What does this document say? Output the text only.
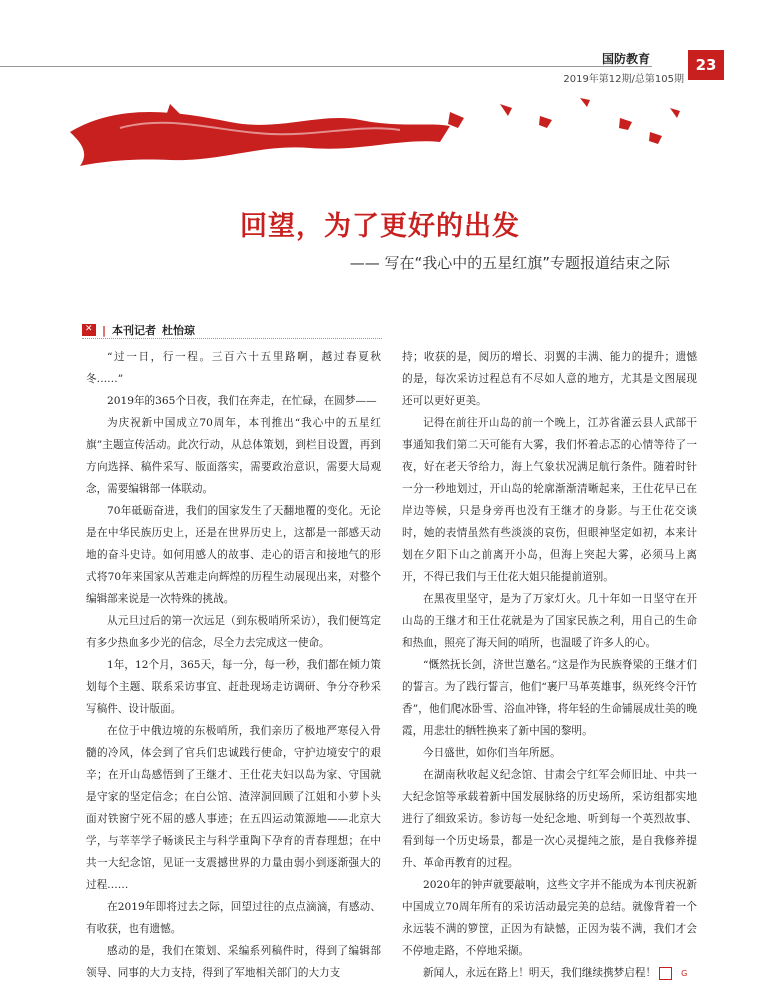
国防教育	23
2019年第12期/总第105期
回望，为了更好的出发
—— 写在“我心中的五星红旗”专题报道结束之际
✕
| 本刊记者 杜怡琼

“过一日，行一程。三百六十五里路啊，越过春夏秋冬……”

2019年的365个日夜，我们在奔走，在忙碌，在圆梦——

为庆祝新中国成立70周年，本刊推出“我心中的五星红旗”主题宣传活动。此次行动，从总体策划，到栏目设置，再到方向选择、稿件采写、版面落实，需要政治意识，需要大局观念，需要编辑部一体联动。

70年砥砺奋进，我们的国家发生了天翻地覆的变化。无论是在中华民族历史上，还是在世界历史上，这都是一部感天动地的奋斗史诗。如何用感人的故事、走心的语言和接地气的形式将70年来国家从苦难走向辉煌的历程生动展现出来，对整个编辑部来说是一次特殊的挑战。

从元旦过后的第一次远足（到东极哨所采访），我们便笃定有多少热血多少光的信念，尽全力去完成这一使命。

1年，12个月，365天，每一分，每一秒，我们都在倾力策划每个主题、联系采访事宜、赶赴现场走访调研、争分夺秒采写稿件、设计版面。

在位于中俄边境的东极哨所，我们亲历了极地严寒侵入骨髓的冷风，体会到了官兵们忠诚践行使命，守护边境安宁的艰辛；在开山岛感悟到了王继才、王仕花夫妇以岛为家、守国就是守家的坚定信念；在白公馆、渣滓洞回顾了江姐和小萝卜头面对铁窗宁死不屈的感人事迹；在五四运动策源地——北京大学，与莘莘学子畅谈民主与科学重陶下孕育的青春理想；在中共一大纪念馆，见证一支震撼世界的力量由弱小到逐渐强大的过程……

在2019年即将过去之际，回望过往的点点滴滴，有感动、有收获，也有遗憾。

感动的是，我们在策划、采编系列稿件时，得到了编辑部领导、同事的大力支持，得到了军地相关部门的大力支

持；收获的是，阅历的增长、羽翼的丰满、能力的提升；遗憾的是，每次采访过程总有不尽如人意的地方，尤其是文图展现还可以更好更美。

记得在前往开山岛的前一个晚上，江苏省灌云县人武部干事通知我们第二天可能有大雾，我们怀着忐忑的心情等待了一夜，好在老天爷给力，海上气象状况满足航行条件。随着时针一分一秒地划过，开山岛的轮廓渐渐清晰起来，王仕花早已在岸边等候，只是身旁再也没有王继才的身影。与王仕花交谈时，她的表情虽然有些淡淡的哀伤，但眼神坚定如初，本来计划在夕阳下山之前离开小岛，但海上突起大雾，必须马上离开，不得已我们与王仕花大姐只能提前道别。

在黑夜里坚守，是为了万家灯火。几十年如一日坚守在开山岛的王继才和王仕花就是为了国家民族之利，用自己的生命和热血，照亮了海天间的哨所，也温暖了许多人的心。

“慨然抚长剑，济世岂邀名。”这是作为民族脊梁的王继才们的誓言。为了践行誓言，他们“裹尸马革英雄事，纵死终令汗竹香”，他们爬冰卧雪、浴血冲锋，将年轻的生命铺展成壮美的晚霞，用悲壮的牺牲换来了新中国的黎明。

今日盛世，如你们当年所愿。

在湖南秋收起义纪念馆、甘肃会宁红军会师旧址、中共一大纪念馆等承载着新中国发展脉络的历史场所，采访组都实地进行了细致采访。参访每一处纪念地、听到每一个英烈故事、看到每一个历史场景，都是一次心灵提纯之旅，是自我修养提升、革命再教育的过程。

2020年的钟声就要敲响，这些文字并不能成为本刊庆祝新中国成立70周年所有的采访活动最完美的总结。就像背着一个永远装不满的箩筐，正因为有缺憾，正因为装不满，我们才会不停地走路，不停地采撷。

新闻人，永远在路上！明天，我们继续携梦启程！	G
